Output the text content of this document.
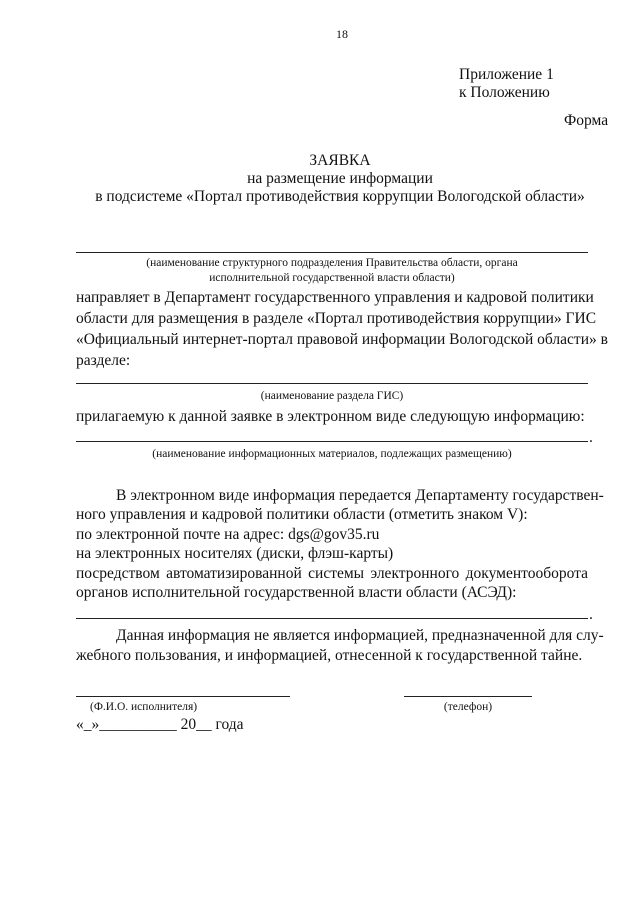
18
Приложение 1
к Положению
Форма
ЗАЯВКА
на размещение информации
в подсистеме «Портал противодействия коррупции Вологодской области»
(наименование структурного подразделения Правительства области, органа
исполнительной государственной власти области)
направляет в Департамент государственного управления и кадровой политики
области для размещения в разделе «Портал противодействия коррупции» ГИС
«Официальный интернет-портал правовой информации Вологодской области» в
разделе:
(наименование раздела ГИС)
прилагаемую к данной заявке в электронном виде следующую информацию:
.
(наименование информационных материалов, подлежащих размещению)
В электронном виде информация передается Департаменту государствен-
ного управления и кадровой политики области (отметить знаком V):
по электронной почте на адрес: dgs@gov35.ru
на электронных носителях (диски, флэш-карты)
посредством автоматизированной системы электронного документооборота
органов исполнительной государственной власти области (АСЭД):
.
Данная информация не является информацией, предназначенной для слу-
жебного пользования, и информацией, отнесенной к государственной тайне.
(Ф.И.О. исполнителя)	(телефон)
«_»__________ 20__ года
